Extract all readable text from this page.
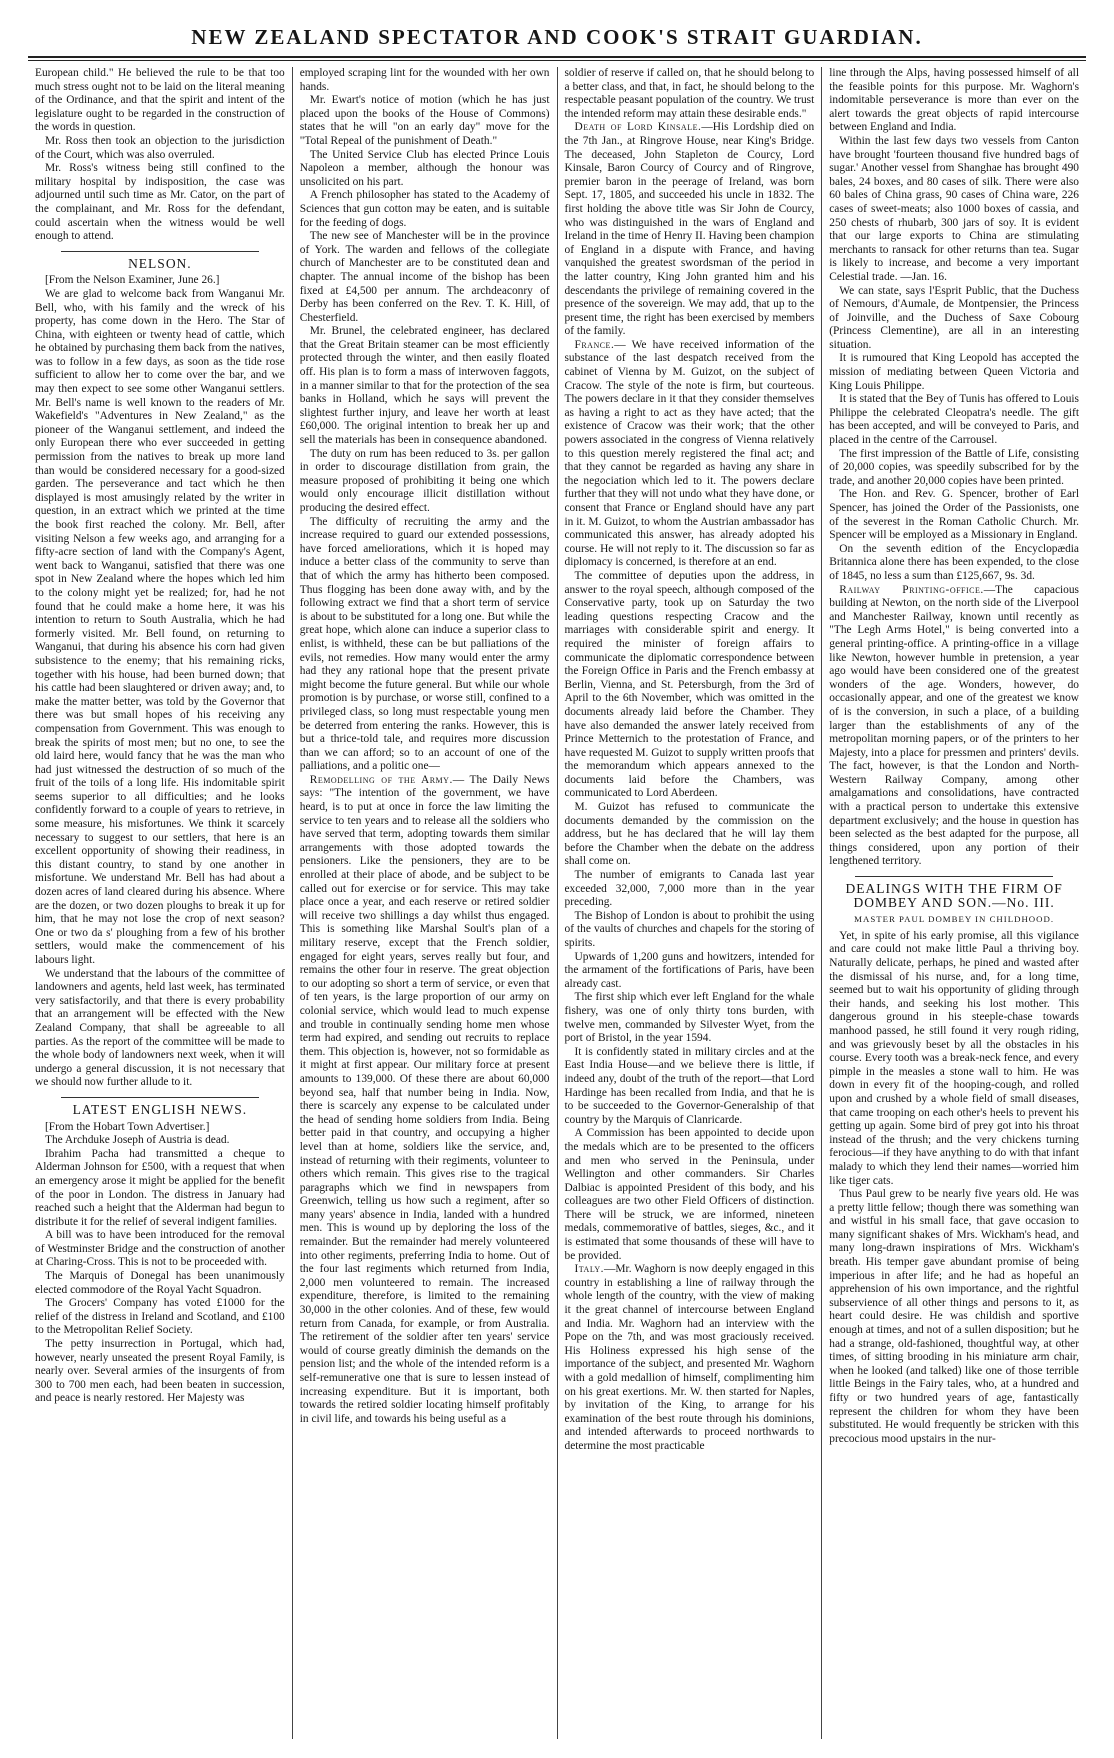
NEW ZEALAND SPECTATOR AND COOK'S STRAIT GUARDIAN.

European child." He believed the rule to be that too much stress ought not to be laid on the literal meaning of the Ordinance, and that the spirit and intent of the legislature ought to be regarded in the construction of the words in question.

Mr. Ross then took an objection to the jurisdiction of the Court, which was also overruled.

Mr. Ross's witness being still confined to the military hospital by indisposition, the case was adjourned until such time as Mr. Cator, on the part of the complainant, and Mr. Ross for the defendant, could ascertain when the witness would be well enough to attend.

NELSON.

[From the Nelson Examiner, June 26.]

We are glad to welcome back from Wanganui Mr. Bell, who, with his family and the wreck of his property, has come down in the Hero. The Star of China, with eighteen or twenty head of cattle, which he obtained by purchasing them back from the natives, was to follow in a few days, as soon as the tide rose sufficient to allow her to come over the bar, and we may then expect to see some other Wanganui settlers. Mr. Bell's name is well known to the readers of Mr. Wakefield's "Adventures in New Zealand," as the pioneer of the Wanganui settlement, and indeed the only European there who ever succeeded in getting permission from the natives to break up more land than would be considered necessary for a good-sized garden. The perseverance and tact which he then displayed is most amusingly related by the writer in question, in an extract which we printed at the time the book first reached the colony. Mr. Bell, after visiting Nelson a few weeks ago, and arranging for a fifty-acre section of land with the Company's Agent, went back to Wanganui, satisfied that there was one spot in New Zealand where the hopes which led him to the colony might yet be realized; for, had he not found that he could make a home here, it was his intention to return to South Australia, which he had formerly visited. Mr. Bell found, on returning to Wanganui, that during his absence his corn had given subsistence to the enemy; that his remaining ricks, together with his house, had been burned down; that his cattle had been slaughtered or driven away; and, to make the matter better, was told by the Governor that there was but small hopes of his receiving any compensation from Government. This was enough to break the spirits of most men; but no one, to see the old laird here, would fancy that he was the man who had just witnessed the destruction of so much of the fruit of the toils of a long life. His indomitable spirit seems superior to all difficulties; and he looks confidently forward to a couple of years to retrieve, in some measure, his misfortunes. We think it scarcely necessary to suggest to our settlers, that here is an excellent opportunity of showing their readiness, in this distant country, to stand by one another in misfortune. We understand Mr. Bell has had about a dozen acres of land cleared during his absence. Where are the dozen, or two dozen ploughs to break it up for him, that he may not lose the crop of next season? One or two da s' ploughing from a few of his brother settlers, would make the commencement of his labours light.

We understand that the labours of the committee of landowners and agents, held last week, has terminated very satisfactorily, and that there is every probability that an arrangement will be effected with the New Zealand Company, that shall be agreeable to all parties. As the report of the committee will be made to the whole body of landowners next week, when it will undergo a general discussion, it is not necessary that we should now further allude to it.

LATEST ENGLISH NEWS.

[From the Hobart Town Advertiser.]

The Archduke Joseph of Austria is dead.

Ibrahim Pacha had transmitted a cheque to Alderman Johnson for £500, with a request that when an emergency arose it might be applied for the benefit of the poor in London. The distress in January had reached such a height that the Alderman had begun to distribute it for the relief of several indigent families.

A bill was to have been introduced for the removal of Westminster Bridge and the construction of another at Charing-Cross. This is not to be proceeded with.

The Marquis of Donegal has been unanimously elected commodore of the Royal Yacht Squadron.

The Grocers' Company has voted £1000 for the relief of the distress in Ireland and Scotland, and £100 to the Metropolitan Relief Society.

The petty insurrection in Portugal, which had, however, nearly unseated the present Royal Family, is nearly over. Several armies of the insurgents of from 300 to 700 men each, had been beaten in succession, and peace is nearly restored. Her Majesty was

employed scraping lint for the wounded with her own hands.

Mr. Ewart's notice of motion (which he has just placed upon the books of the House of Commons) states that he will "on an early day" move for the "Total Repeal of the punishment of Death."

The United Service Club has elected Prince Louis Napoleon a member, although the honour was unsolicited on his part.

A French philosopher has stated to the Academy of Sciences that gun cotton may be eaten, and is suitable for the feeding of dogs.

The new see of Manchester will be in the province of York. The warden and fellows of the collegiate church of Manchester are to be constituted dean and chapter. The annual income of the bishop has been fixed at £4,500 per annum. The archdeaconry of Derby has been conferred on the Rev. T. K. Hill, of Chesterfield.

Mr. Brunel, the celebrated engineer, has declared that the Great Britain steamer can be most efficiently protected through the winter, and then easily floated off. His plan is to form a mass of interwoven faggots, in a manner similar to that for the protection of the sea banks in Holland, which he says will prevent the slightest further injury, and leave her worth at least £60,000. The original intention to break her up and sell the materials has been in consequence abandoned.

The duty on rum has been reduced to 3s. per gallon in order to discourage distillation from grain, the measure proposed of prohibiting it being one which would only encourage illicit distillation without producing the desired effect.

The difficulty of recruiting the army and the increase required to guard our extended possessions, have forced ameliorations, which it is hoped may induce a better class of the community to serve than that of which the army has hitherto been composed. Thus flogging has been done away with, and by the following extract we find that a short term of service is about to be substituted for a long one. But while the great hope, which alone can induce a superior class to enlist, is withheld, these can be but palliations of the evils, not remedies. How many would enter the army had they any rational hope that the present private might become the future general. But while our whole promotion is by purchase, or worse still, confined to a privileged class, so long must respectable young men be deterred from entering the ranks. However, this is but a thrice-told tale, and requires more discussion than we can afford; so to an account of one of the palliations, and a politic one—

Remodelling of the Army.— The Daily News says: "The intention of the government, we have heard, is to put at once in force the law limiting the service to ten years and to release all the soldiers who have served that term, adopting towards them similar arrangements with those adopted towards the pensioners. Like the pensioners, they are to be enrolled at their place of abode, and be subject to be called out for exercise or for service. This may take place once a year, and each reserve or retired soldier will receive two shillings a day whilst thus engaged. This is something like Marshal Soult's plan of a military reserve, except that the French soldier, engaged for eight years, serves really but four, and remains the other four in reserve. The great objection to our adopting so short a term of service, or even that of ten years, is the large proportion of our army on colonial service, which would lead to much expense and trouble in continually sending home men whose term had expired, and sending out recruits to replace them. This objection is, however, not so formidable as it might at first appear. Our military force at present amounts to 139,000. Of these there are about 60,000 beyond sea, half that number being in India. Now, there is scarcely any expense to be calculated under the head of sending home soldiers from India. Being better paid in that country, and occupying a higher level than at home, soldiers like the service, and, instead of returning with their regiments, volunteer to others which remain. This gives rise to the tragical paragraphs which we find in newspapers from Greenwich, telling us how such a regiment, after so many years' absence in India, landed with a hundred men. This is wound up by deploring the loss of the remainder. But the remainder had merely volunteered into other regiments, preferring India to home. Out of the four last regiments which returned from India, 2,000 men volunteered to remain. The increased expenditure, therefore, is limited to the remaining 30,000 in the other colonies. And of these, few would return from Canada, for example, or from Australia. The retirement of the soldier after ten years' service would of course greatly diminish the demands on the pension list; and the whole of the intended reform is a self-remunerative one that is sure to lessen instead of increasing expenditure. But it is important, both towards the retired soldier locating himself profitably in civil life, and towards his being useful as a

soldier of reserve if called on, that he should belong to a better class, and that, in fact, he should belong to the respectable peasant population of the country. We trust the intended reform may attain these desirable ends."

Death of Lord Kinsale.—His Lordship died on the 7th Jan., at Ringrove House, near King's Bridge. The deceased, John Stapleton de Courcy, Lord Kinsale, Baron Courcy of Courcy and of Ringrove, premier baron in the peerage of Ireland, was born Sept. 17, 1805, and succeeded his uncle in 1832. The first holding the above title was Sir John de Courcy, who was distinguished in the wars of England and Ireland in the time of Henry II. Having been champion of England in a dispute with France, and having vanquished the greatest swordsman of the period in the latter country, King John granted him and his descendants the privilege of remaining covered in the presence of the sovereign. We may add, that up to the present time, the right has been exercised by members of the family.

France.— We have received information of the substance of the last despatch received from the cabinet of Vienna by M. Guizot, on the subject of Cracow. The style of the note is firm, but courteous. The powers declare in it that they consider themselves as having a right to act as they have acted; that the existence of Cracow was their work; that the other powers associated in the congress of Vienna relatively to this question merely registered the final act; and that they cannot be regarded as having any share in the negociation which led to it. The powers declare further that they will not undo what they have done, or consent that France or England should have any part in it. M. Guizot, to whom the Austrian ambassador has communicated this answer, has already adopted his course. He will not reply to it. The discussion so far as diplomacy is concerned, is therefore at an end.

The committee of deputies upon the address, in answer to the royal speech, although composed of the Conservative party, took up on Saturday the two leading questions respecting Cracow and the marriages with considerable spirit and energy. It required the minister of foreign affairs to communicate the diplomatic correspondence between the Foreign Office in Paris and the French embassy at Berlin, Vienna, and St. Petersburgh, from the 3rd of April to the 6th November, which was omitted in the documents already laid before the Chamber. They have also demanded the answer lately received from Prince Metternich to the protestation of France, and have requested M. Guizot to supply written proofs that the memorandum which appears annexed to the documents laid before the Chambers, was communicated to Lord Aberdeen.

M. Guizot has refused to communicate the documents demanded by the commission on the address, but he has declared that he will lay them before the Chamber when the debate on the address shall come on.

The number of emigrants to Canada last year exceeded 32,000, 7,000 more than in the year preceding.

The Bishop of London is about to prohibit the using of the vaults of churches and chapels for the storing of spirits.

Upwards of 1,200 guns and howitzers, intended for the armament of the fortifications of Paris, have been already cast.

The first ship which ever left England for the whale fishery, was one of only thirty tons burden, with twelve men, commanded by Silvester Wyet, from the port of Bristol, in the year 1594.

It is confidently stated in military circles and at the East India House—and we believe there is little, if indeed any, doubt of the truth of the report—that Lord Hardinge has been recalled from India, and that he is to be succeeded to the Governor-Generalship of that country by the Marquis of Clanricarde.

A Commission has been appointed to decide upon the medals which are to be presented to the officers and men who served in the Peninsula, under Wellington and other commanders. Sir Charles Dalbiac is appointed President of this body, and his colleagues are two other Field Officers of distinction. There will be struck, we are informed, nineteen medals, commemorative of battles, sieges, &c., and it is estimated that some thousands of these will have to be provided.

Italy.—Mr. Waghorn is now deeply engaged in this country in establishing a line of railway through the whole length of the country, with the view of making it the great channel of intercourse between England and India. Mr. Waghorn had an interview with the Pope on the 7th, and was most graciously received. His Holiness expressed his high sense of the importance of the subject, and presented Mr. Waghorn with a gold medallion of himself, complimenting him on his great exertions. Mr. W. then started for Naples, by invitation of the King, to arrange for his examination of the best route through his dominions, and intended afterwards to proceed northwards to determine the most practicable

line through the Alps, having possessed himself of all the feasible points for this purpose. Mr. Waghorn's indomitable perseverance is more than ever on the alert towards the great objects of rapid intercourse between England and India.

Within the last few days two vessels from Canton have brought 'fourteen thousand five hundred bags of sugar.' Another vessel from Shanghae has brought 490 bales, 24 boxes, and 80 cases of silk. There were also 60 bales of China grass, 90 cases of China ware, 226 cases of sweet-meats; also 1000 boxes of cassia, and 250 chests of rhubarb, 300 jars of soy. It is evident that our large exports to China are stimulating merchants to ransack for other returns than tea. Sugar is likely to increase, and become a very important Celestial trade. —Jan. 16.

We can state, says l'Esprit Public, that the Duchess of Nemours, d'Aumale, de Montpensier, the Princess of Joinville, and the Duchess of Saxe Cobourg (Princess Clementine), are all in an interesting situation.

It is rumoured that King Leopold has accepted the mission of mediating between Queen Victoria and King Louis Philippe.

It is stated that the Bey of Tunis has offered to Louis Philippe the celebrated Cleopatra's needle. The gift has been accepted, and will be conveyed to Paris, and placed in the centre of the Carrousel.

The first impression of the Battle of Life, consisting of 20,000 copies, was speedily subscribed for by the trade, and another 20,000 copies have been printed.

The Hon. and Rev. G. Spencer, brother of Earl Spencer, has joined the Order of the Passionists, one of the severest in the Roman Catholic Church. Mr. Spencer will be employed as a Missionary in England.

On the seventh edition of the Encyclopædia Britannica alone there has been expended, to the close of 1845, no less a sum than £125,667, 9s. 3d.

Railway Printing-office.—The capacious building at Newton, on the north side of the Liverpool and Manchester Railway, known until recently as "The Legh Arms Hotel," is being converted into a general printing-office. A printing-office in a village like Newton, however humble in pretension, a year ago would have been considered one of the greatest wonders of the age. Wonders, however, do occasionally appear, and one of the greatest we know of is the conversion, in such a place, of a building larger than the establishments of any of the metropolitan morning papers, or of the printers to her Majesty, into a place for pressmen and printers' devils. The fact, however, is that the London and North-Western Railway Company, among other amalgamations and consolidations, have contracted with a practical person to undertake this extensive department exclusively; and the house in question has been selected as the best adapted for the purpose, all things considered, upon any portion of their lengthened territory.

DEALINGS WITH THE FIRM OF DOMBEY AND SON.—No. III.
MASTER PAUL DOMBEY IN CHILDHOOD.

Yet, in spite of his early promise, all this vigilance and care could not make little Paul a thriving boy. Naturally delicate, perhaps, he pined and wasted after the dismissal of his nurse, and, for a long time, seemed but to wait his opportunity of gliding through their hands, and seeking his lost mother. This dangerous ground in his steeple-chase towards manhood passed, he still found it very rough riding, and was grievously beset by all the obstacles in his course. Every tooth was a break-neck fence, and every pimple in the measles a stone wall to him. He was down in every fit of the hooping-cough, and rolled upon and crushed by a whole field of small diseases, that came trooping on each other's heels to prevent his getting up again. Some bird of prey got into his throat instead of the thrush; and the very chickens turning ferocious—if they have anything to do with that infant malady to which they lend their names—worried him like tiger cats.

Thus Paul grew to be nearly five years old. He was a pretty little fellow; though there was something wan and wistful in his small face, that gave occasion to many significant shakes of Mrs. Wickham's head, and many long-drawn inspirations of Mrs. Wickham's breath. His temper gave abundant promise of being imperious in after life; and he had as hopeful an apprehension of his own importance, and the rightful subservience of all other things and persons to it, as heart could desire. He was childish and sportive enough at times, and not of a sullen disposition; but he had a strange, old-fashioned, thoughtful way, at other times, of sitting brooding in his miniature arm chair, when he looked (and talked) like one of those terrible little Beings in the Fairy tales, who, at a hundred and fifty or two hundred years of age, fantastically represent the children for whom they have been substituted. He would frequently be stricken with this precocious mood upstairs in the nur-
